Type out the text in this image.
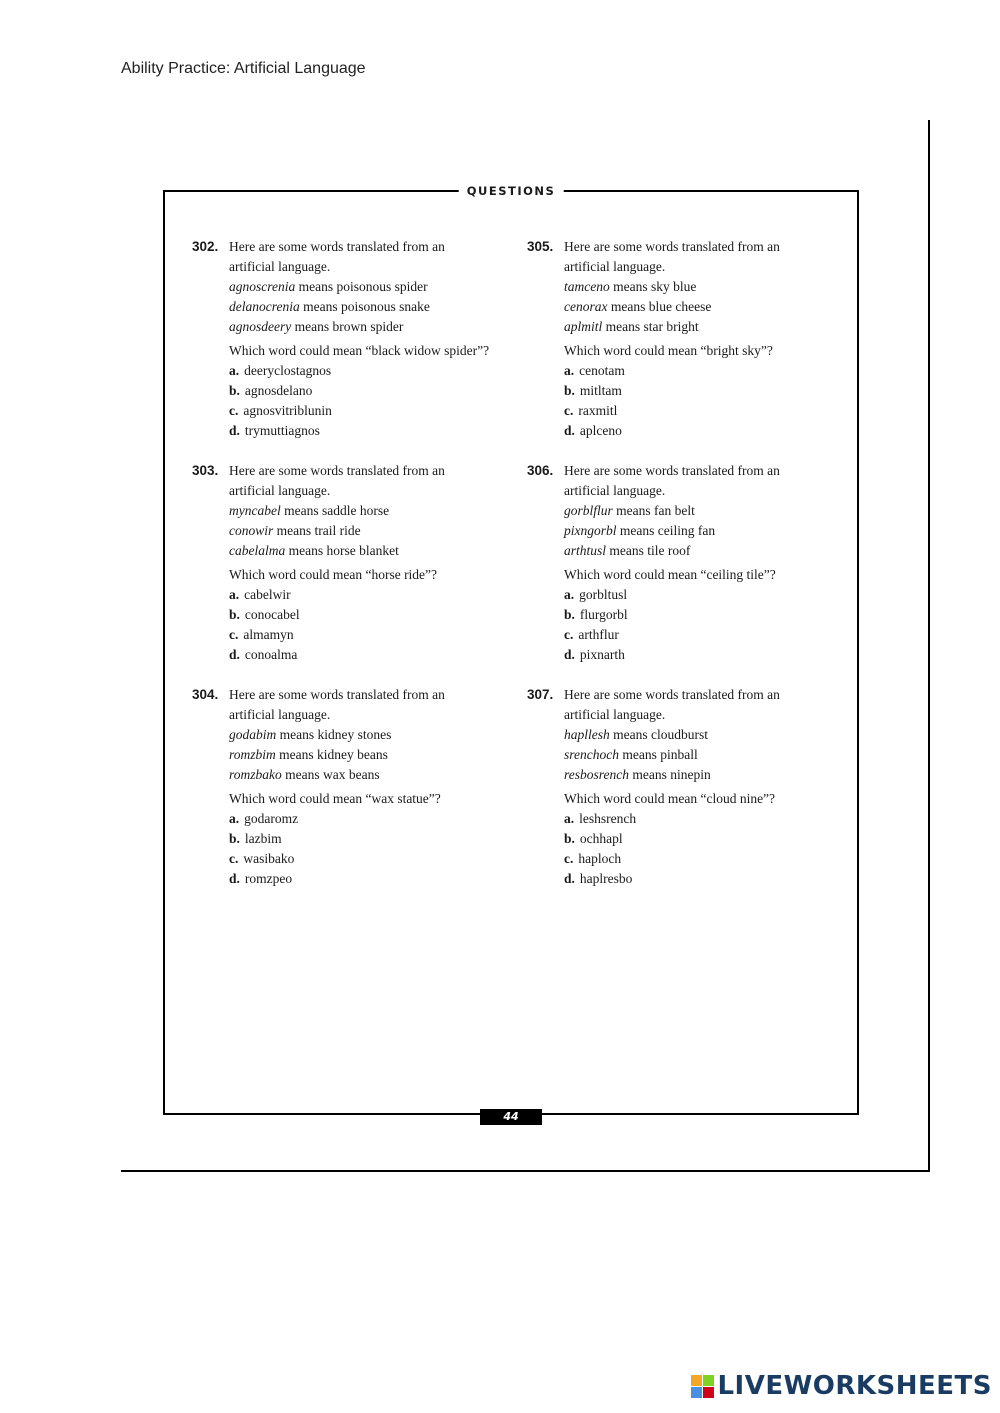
Ability Practice: Artificial Language
QUESTIONS
302. Here are some words translated from an artificial language.
agnoscrenia means poisonous spider
delanocrenia means poisonous snake
agnosdeery means brown spider
Which word could mean “black widow spider”?
a. deeryclostagnos
b. agnosdelano
c. agnosvitriblunin
d. trymuttiagnos
303. Here are some words translated from an artificial language.
myncabel means saddle horse
conowir means trail ride
cabelalma means horse blanket
Which word could mean “horse ride”?
a. cabelwir
b. conocabel
c. almamyn
d. conoalma
304. Here are some words translated from an artificial language.
godabim means kidney stones
romzbim means kidney beans
romzbako means wax beans
Which word could mean “wax statue”?
a. godaromz
b. lazbim
c. wasibako
d. romzpeo
305. Here are some words translated from an artificial language.
tamceno means sky blue
cenorax means blue cheese
aplmitl means star bright
Which word could mean “bright sky”?
a. cenotam
b. mitltam
c. raxmitl
d. aplceno
306. Here are some words translated from an artificial language.
gorblflur means fan belt
pixngorbl means ceiling fan
arthtusl means tile roof
Which word could mean “ceiling tile”?
a. gorbltusl
b. flurgorbl
c. arthflur
d. pixnarth
307. Here are some words translated from an artificial language.
hapllesh means cloudburst
srenchoch means pinball
resbosrench means ninepin
Which word could mean “cloud nine”?
a. leshsrench
b. ochhapl
c. haploch
d. haplresbo
44
LIVEWORKSHEETS
